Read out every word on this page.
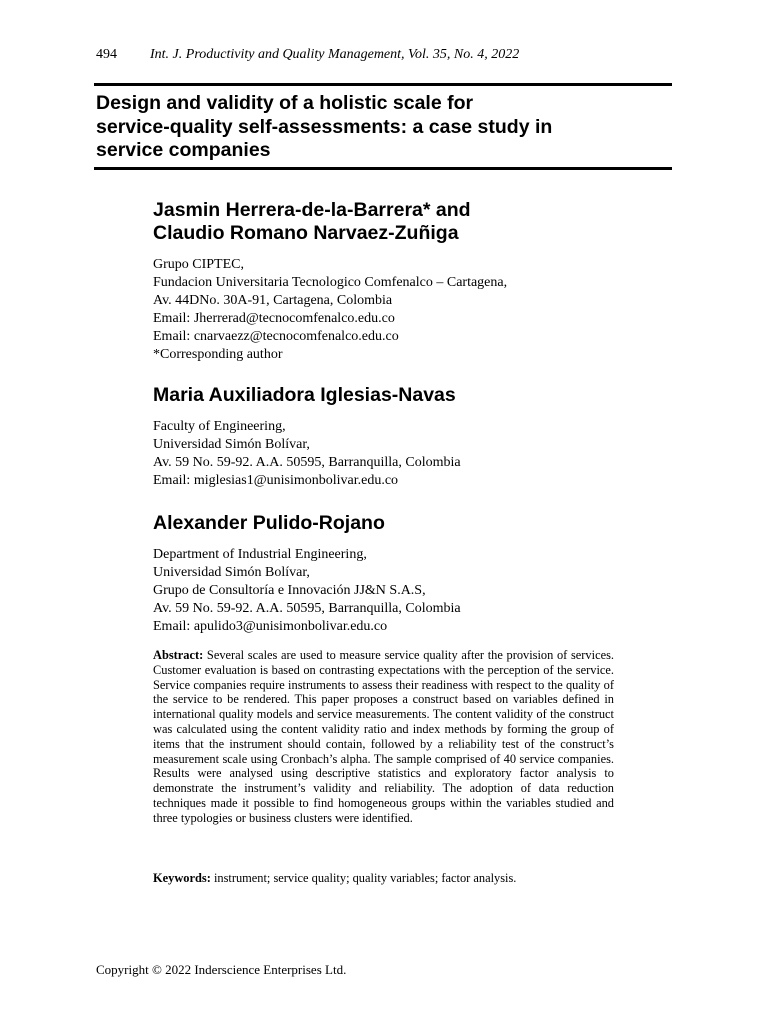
494 Int. J. Productivity and Quality Management, Vol. 35, No. 4, 2022
Design and validity of a holistic scale for
service-quality self-assessments: a case study in
service companies
Jasmin Herrera-de-la-Barrera* and
Claudio Romano Narvaez-Zuñiga
Grupo CIPTEC,
Fundacion Universitaria Tecnologico Comfenalco – Cartagena,
Av. 44DNo. 30A-91, Cartagena, Colombia
Email: Jherrerad@tecnocomfenalco.edu.co
Email: cnarvaezz@tecnocomfenalco.edu.co
*Corresponding author
Maria Auxiliadora Iglesias-Navas
Faculty of Engineering,
Universidad Simón Bolívar,
Av. 59 No. 59-92. A.A. 50595, Barranquilla, Colombia
Email: miglesias1@unisimonbolivar.edu.co
Alexander Pulido-Rojano
Department of Industrial Engineering,
Universidad Simón Bolívar,
Grupo de Consultoría e Innovación JJ&N S.A.S,
Av. 59 No. 59-92. A.A. 50595, Barranquilla, Colombia
Email: apulido3@unisimonbolivar.edu.co

Abstract: Several scales are used to measure service quality after the provision of services. Customer evaluation is based on contrasting expectations with the perception of the service. Service companies require instruments to assess their readiness with respect to the quality of the service to be rendered. This paper proposes a construct based on variables defined in international quality models and service measurements. The content validity of the construct was calculated using the content validity ratio and index methods by forming the group of items that the instrument should contain, followed by a reliability test of the construct’s measurement scale using Cronbach’s alpha. The sample comprised of 40 service companies. Results were analysed using descriptive statistics and exploratory factor analysis to demonstrate the instrument’s validity and reliability. The adoption of data reduction techniques made it possible to find homogeneous groups within the variables studied and three typologies or business clusters were identified.

Keywords: instrument; service quality; quality variables; factor analysis.

Copyright © 2022 Inderscience Enterprises Ltd.
